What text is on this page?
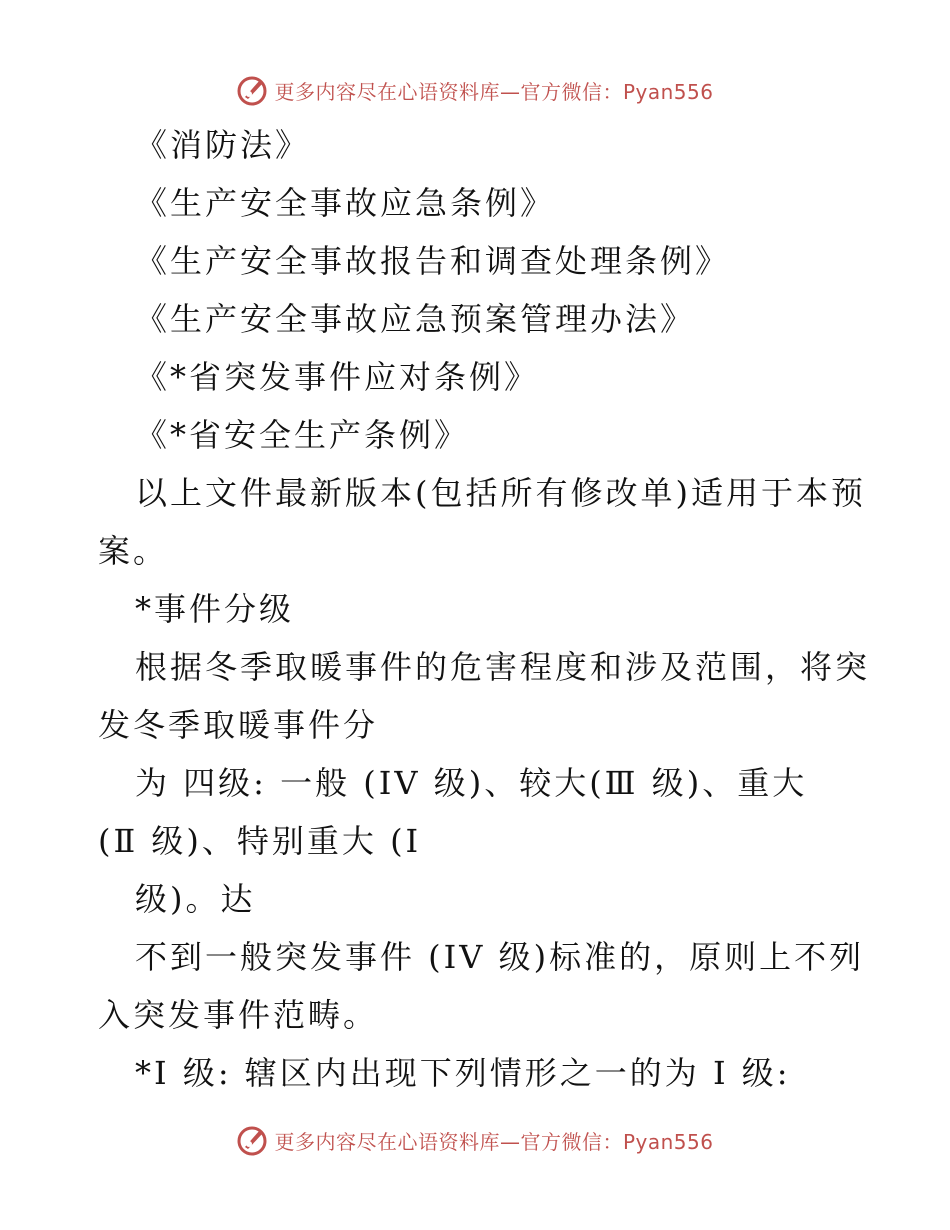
更多内容尽在心语资料库—官方微信：Pyan556
《消防法》
《生产安全事故应急条例》
《生产安全事故报告和调查处理条例》
《生产安全事故应急预案管理办法》
《*省突发事件应对条例》
《*省安全生产条例》
以上文件最新版本(包括所有修改单)适用于本预
案。
*事件分级
根据冬季取暖事件的危害程度和涉及范围，将突
发冬季取暖事件分
为 四级: 一般 (IV 级)、较大(Ⅲ 级)、重大
(Ⅱ 级)、特别重大 (I
级)。达
不到一般突发事件 (IV 级)标准的，原则上不列
入突发事件范畴。
*I 级: 辖区内出现下列情形之一的为 I 级:
更多内容尽在心语资料库—官方微信：Pyan556
